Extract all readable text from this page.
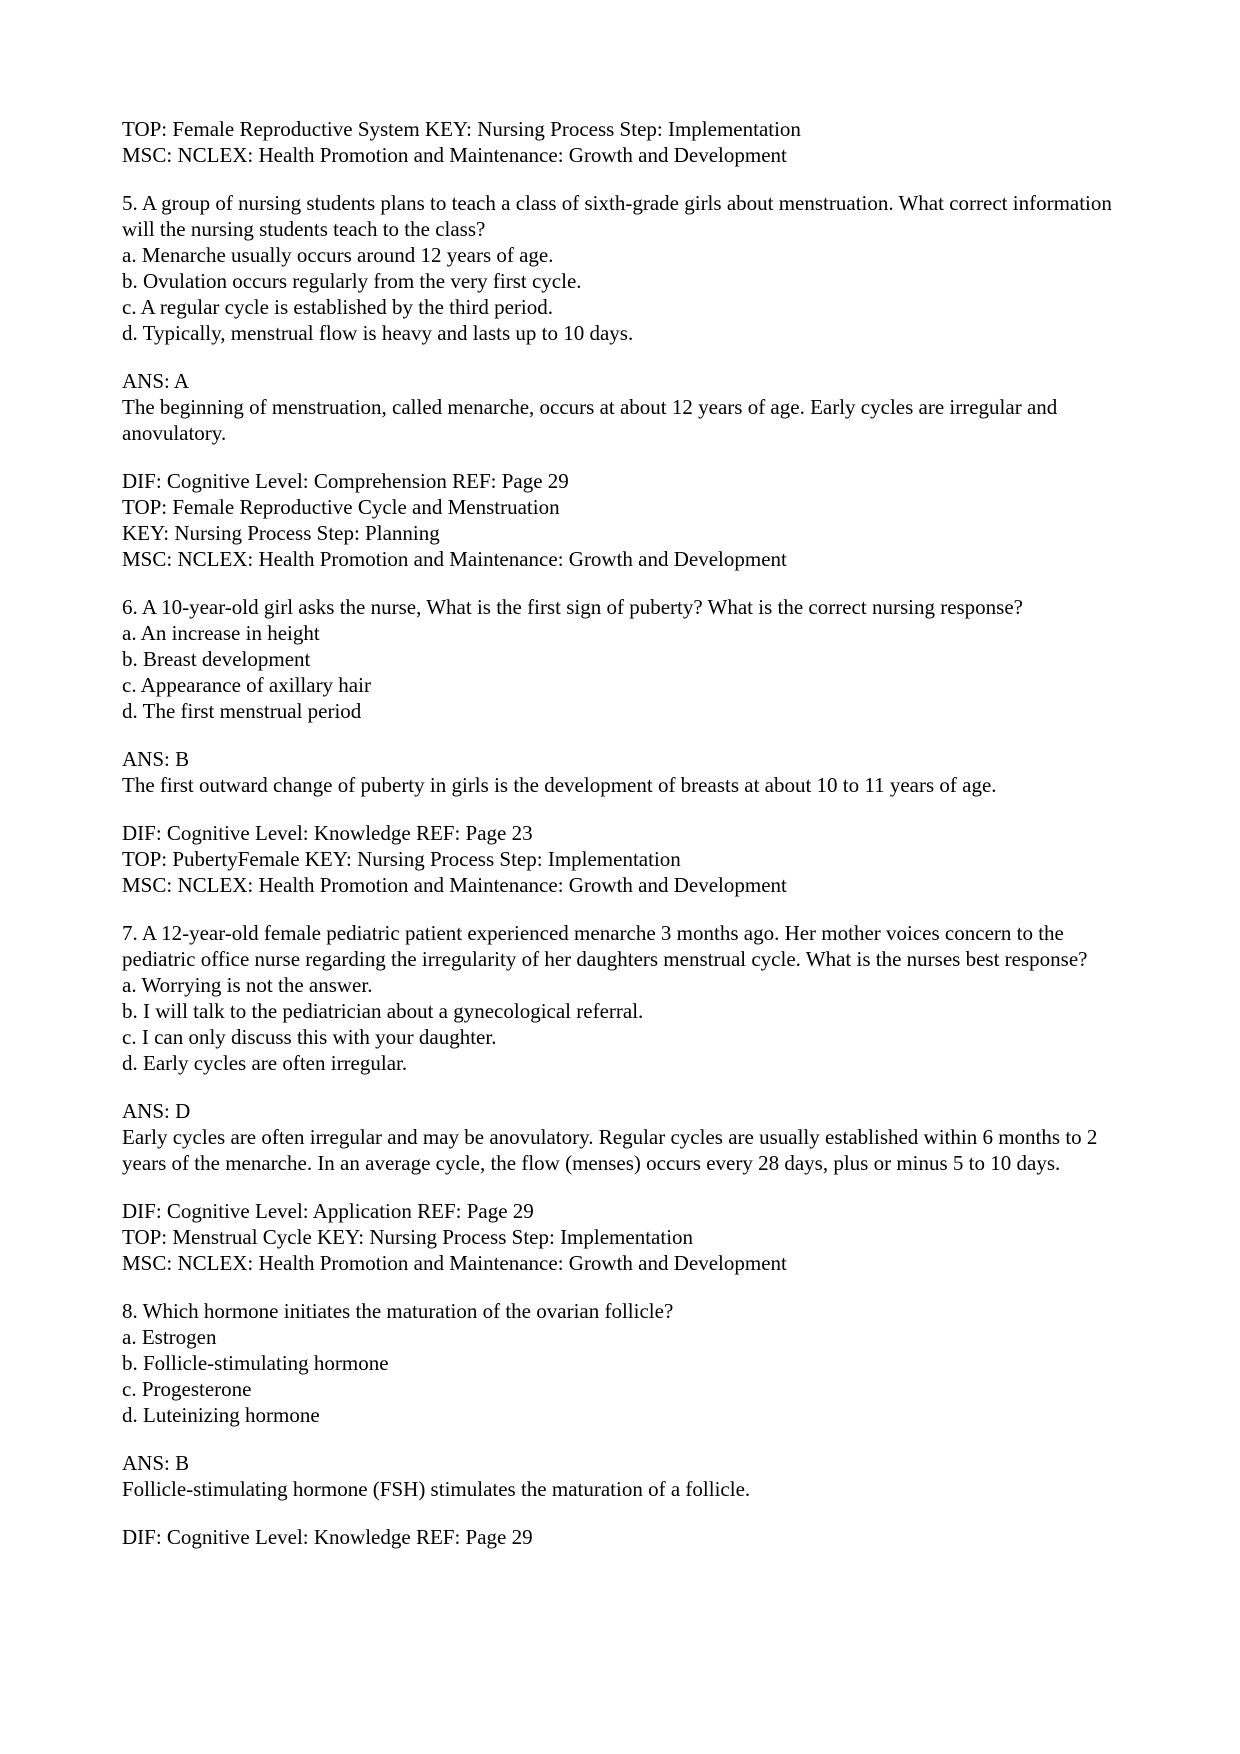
TOP: Female Reproductive System KEY: Nursing Process Step: Implementation
MSC: NCLEX: Health Promotion and Maintenance: Growth and Development
5. A group of nursing students plans to teach a class of sixth-grade girls about menstruation. What correct information will the nursing students teach to the class?
a. Menarche usually occurs around 12 years of age.
b. Ovulation occurs regularly from the very first cycle.
c. A regular cycle is established by the third period.
d. Typically, menstrual flow is heavy and lasts up to 10 days.
ANS: A
The beginning of menstruation, called menarche, occurs at about 12 years of age. Early cycles are irregular and anovulatory.
DIF: Cognitive Level: Comprehension REF: Page 29
TOP: Female Reproductive Cycle and Menstruation
KEY: Nursing Process Step: Planning
MSC: NCLEX: Health Promotion and Maintenance: Growth and Development
6. A 10-year-old girl asks the nurse, What is the first sign of puberty? What is the correct nursing response?
a. An increase in height
b. Breast development
c. Appearance of axillary hair
d. The first menstrual period
ANS: B
The first outward change of puberty in girls is the development of breasts at about 10 to 11 years of age.
DIF: Cognitive Level: Knowledge REF: Page 23
TOP: PubertyFemale KEY: Nursing Process Step: Implementation
MSC: NCLEX: Health Promotion and Maintenance: Growth and Development
7. A 12-year-old female pediatric patient experienced menarche 3 months ago. Her mother voices concern to the pediatric office nurse regarding the irregularity of her daughters menstrual cycle. What is the nurses best response?
a. Worrying is not the answer.
b. I will talk to the pediatrician about a gynecological referral.
c. I can only discuss this with your daughter.
d. Early cycles are often irregular.
ANS: D
Early cycles are often irregular and may be anovulatory. Regular cycles are usually established within 6 months to 2 years of the menarche. In an average cycle, the flow (menses) occurs every 28 days, plus or minus 5 to 10 days.
DIF: Cognitive Level: Application REF: Page 29
TOP: Menstrual Cycle KEY: Nursing Process Step: Implementation
MSC: NCLEX: Health Promotion and Maintenance: Growth and Development
8. Which hormone initiates the maturation of the ovarian follicle?
a. Estrogen
b. Follicle-stimulating hormone
c. Progesterone
d. Luteinizing hormone
ANS: B
Follicle-stimulating hormone (FSH) stimulates the maturation of a follicle.
DIF: Cognitive Level: Knowledge REF: Page 29
